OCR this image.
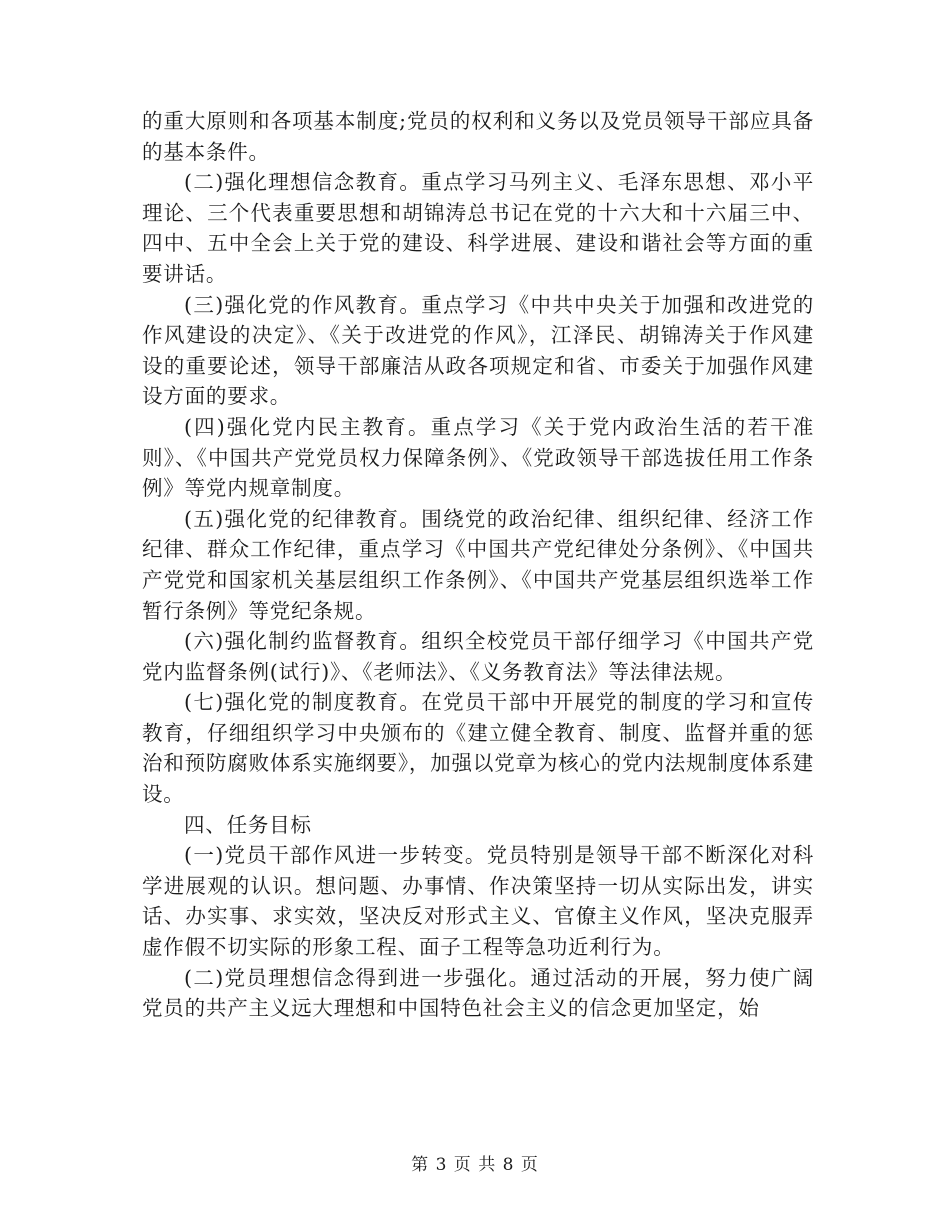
的重大原则和各项基本制度;党员的权利和义务以及党员领导干部应具备的基本条件。

(二)强化理想信念教育。重点学习马列主义、毛泽东思想、邓小平理论、三个代表重要思想和胡锦涛总书记在党的十六大和十六届三中、四中、五中全会上关于党的建设、科学进展、建设和谐社会等方面的重要讲话。

(三)强化党的作风教育。重点学习《中共中央关于加强和改进党的作风建设的决定》、《关于改进党的作风》，江泽民、胡锦涛关于作风建设的重要论述，领导干部廉洁从政各项规定和省、市委关于加强作风建设方面的要求。

(四)强化党内民主教育。重点学习《关于党内政治生活的若干准则》、《中国共产党党员权力保障条例》、《党政领导干部选拔任用工作条例》等党内规章制度。

(五)强化党的纪律教育。围绕党的政治纪律、组织纪律、经济工作纪律、群众工作纪律，重点学习《中国共产党纪律处分条例》、《中国共产党党和国家机关基层组织工作条例》、《中国共产党基层组织选举工作暂行条例》等党纪条规。

(六)强化制约监督教育。组织全校党员干部仔细学习《中国共产党党内监督条例(试行)》、《老师法》、《义务教育法》等法律法规。

(七)强化党的制度教育。在党员干部中开展党的制度的学习和宣传教育，仔细组织学习中央颁布的《建立健全教育、制度、监督并重的惩治和预防腐败体系实施纲要》，加强以党章为核心的党内法规制度体系建设。

四、任务目标

(一)党员干部作风进一步转变。党员特别是领导干部不断深化对科学进展观的认识。想问题、办事情、作决策坚持一切从实际出发，讲实话、办实事、求实效，坚决反对形式主义、官僚主义作风，坚决克服弄虚作假不切实际的形象工程、面子工程等急功近利行为。

(二)党员理想信念得到进一步强化。通过活动的开展，努力使广阔党员的共产主义远大理想和中国特色社会主义的信念更加坚定，始

第 3 页 共 8 页
